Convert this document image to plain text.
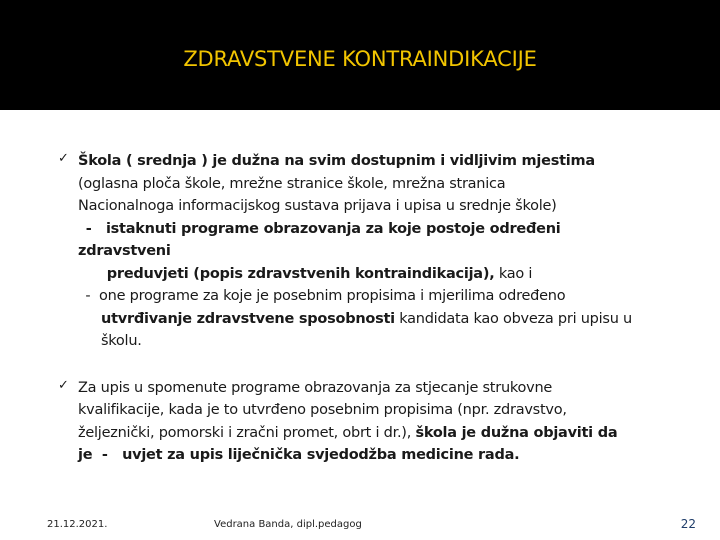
ZDRAVSTVENE KONTRAINDIKACIJE
✓ Škola ( srednja ) je dužna na svim dostupnim i vidljivim mjestima
(oglasna ploča škole, mrežne stranice škole, mrežna stranica
Nacionalnoga informacijskog sustava prijava i upisa u srednje škole)
-   istaknuti programe obrazovanja za koje postoje određeni
zdravstveni
preduvjeti (popis zdravstvenih kontraindikacija), kao i
-  one programe za koje je posebnim propisima i mjerilima određeno
utvrđivanje zdravstvene sposobnosti kandidata kao obveza pri upisu u
školu.
✓ Za upis u spomenute programe obrazovanja za stjecanje strukovne
kvalifikacije, kada je to utvrđeno posebnim propisima (npr. zdravstvo,
željeznički, pomorski i zračni promet, obrt i dr.), škola je dužna objaviti da
je  -   uvjet za upis liječnička svjedodžba medicine rada.
21.12.2021.	Vedrana Banda, dipl.pedagog	22
